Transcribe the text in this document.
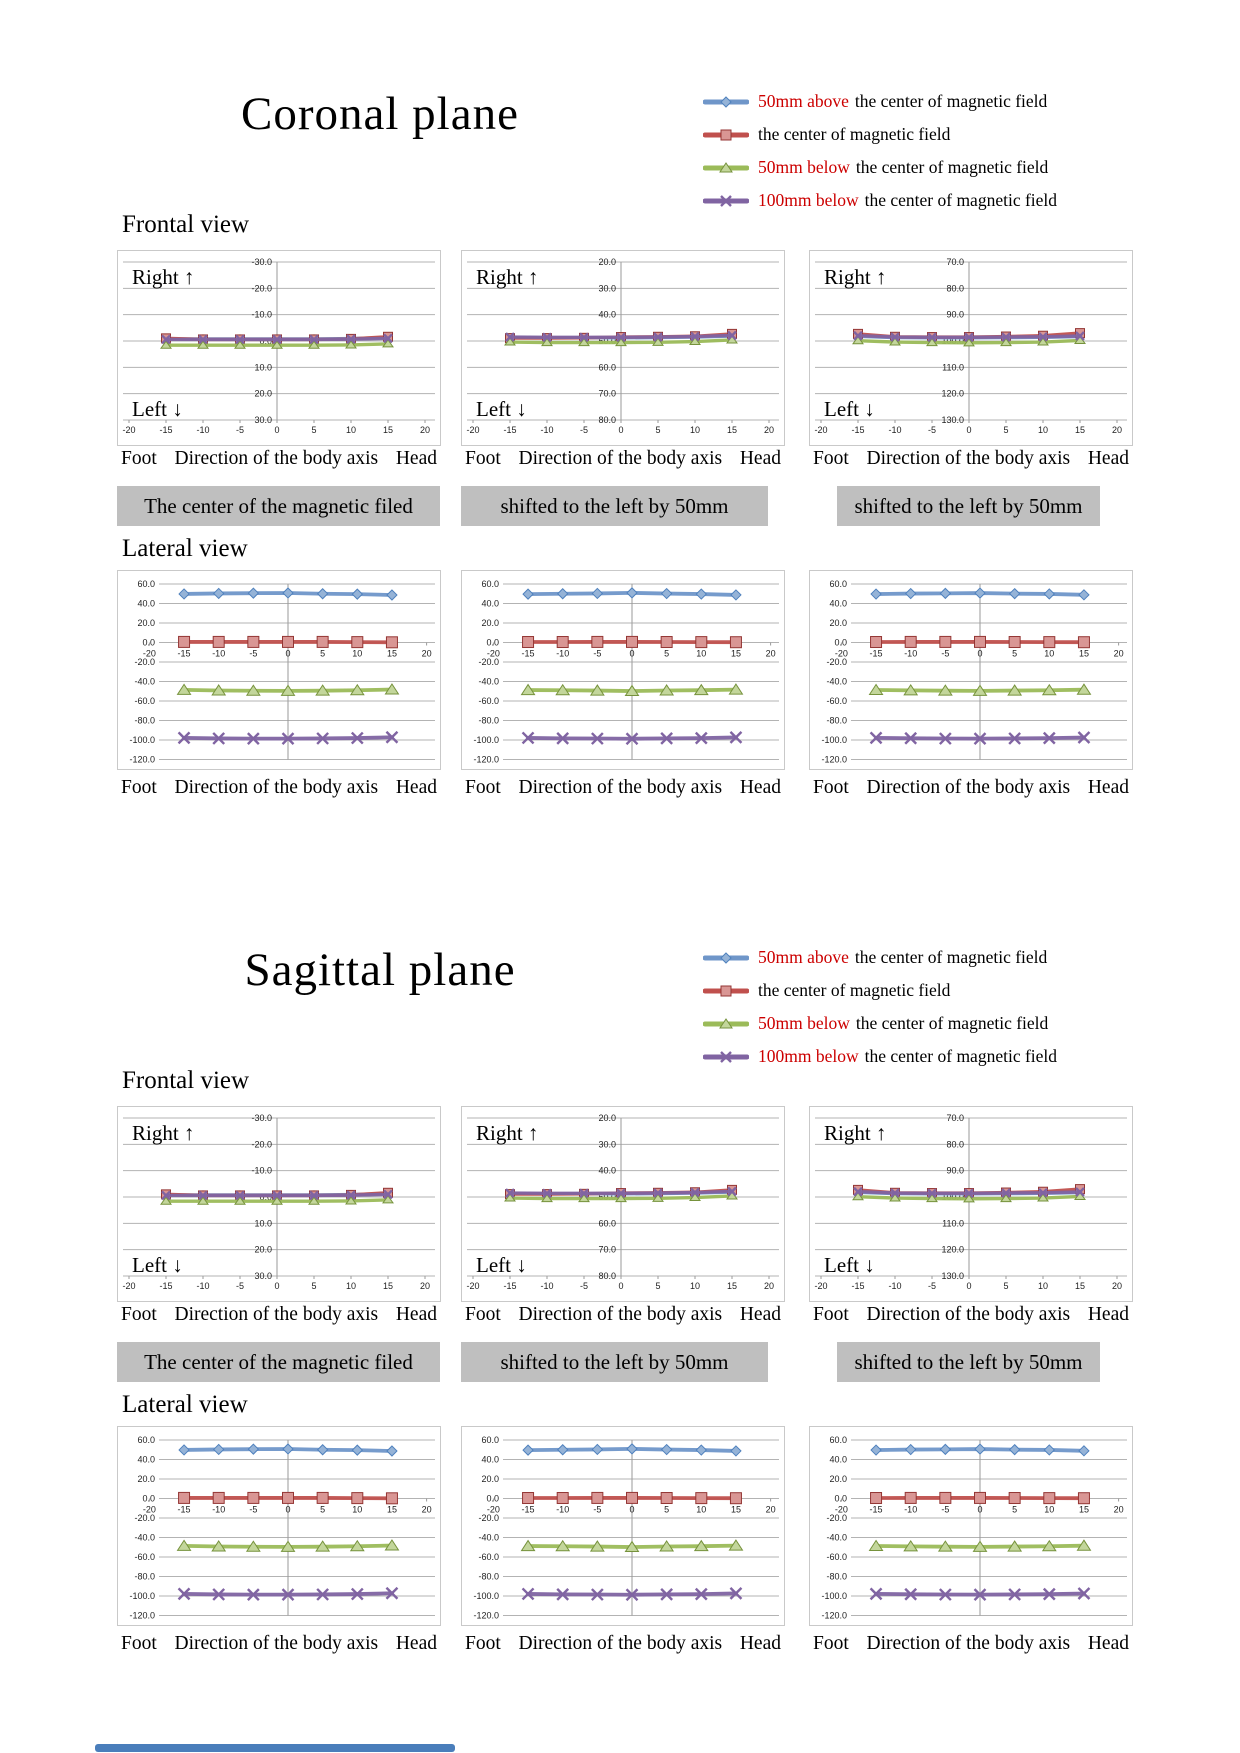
Coronal plane	50mm above the center of magnetic field
the center of magnetic field
50mm below the center of magnetic field
100mm below the center of magnetic field
Frontal view
-30.0
-20.0
-10.0
0.0
10.0
20.0
30.0
-20	-15	-10	-5	0	5	10	15	20
Right ↑
Left ↓
20.0
30.0
40.0
50.0
60.0
70.0
80.0
-20	-15	-10	-5	0	5	10	15	20
Right ↑
Left ↓
70.0
80.0
90.0
100.0
110.0
120.0
130.0
-20	-15	-10	-5	0	5	10	15	20
Right ↑
Left ↓
Foot Direction of the body axis Head Foot Direction of the body axis Head Foot Direction of the body axis Head
The center of the magnetic filed	shifted to the left by 50mm	shifted to the left by 50mm
Lateral view
60.0
40.0
20.0
0.0
-20.0
-40.0
-60.0
-80.0
-100.0
-120.0
-20 -15 -10	-5	0	5	10	15	20
60.0
40.0
20.0
0.0
-20.0
-40.0
-60.0
-80.0
-100.0
-120.0
-20 -15 -10	-5	0	5	10	15	20
60.0
40.0
20.0
0.0
-20.0
-40.0
-60.0
-80.0
-100.0
-120.0
-20 -15 -10	-5	0	5	10	15	20
Foot Direction of the body axis Head Foot Direction of the body axis Head Foot Direction of the body axis Head
Sagittal plane	50mm above the center of magnetic field
the center of magnetic field
50mm below the center of magnetic field
100mm below the center of magnetic field
Frontal view
-30.0
-20.0
-10.0
0.0
10.0
20.0
30.0
-20	-15	-10	-5	0	5	10	15	20
Right ↑
Left ↓
20.0
30.0
40.0
50.0
60.0
70.0
80.0
-20	-15	-10	-5	0	5	10	15	20
Right ↑
Left ↓
70.0
80.0
90.0
100.0
110.0
120.0
130.0
-20	-15	-10	-5	0	5	10	15	20
Right ↑
Left ↓
Foot Direction of the body axis Head Foot Direction of the body axis Head Foot Direction of the body axis Head
The center of the magnetic filed	shifted to the left by 50mm	shifted to the left by 50mm
Lateral view
60.0
40.0
20.0
0.0
-20.0
-40.0
-60.0
-80.0
-100.0
-120.0
-20 -15 -10	-5	0	5	10	15	20
60.0
40.0
20.0
0.0
-20.0
-40.0
-60.0
-80.0
-100.0
-120.0
-20 -15 -10	-5	0	5	10	15	20
60.0
40.0
20.0
0.0
-20.0
-40.0
-60.0
-80.0
-100.0
-120.0
-20 -15 -10	-5	0	5	10	15	20
Foot Direction of the body axis Head Foot Direction of the body axis Head Foot Direction of the body axis Head
